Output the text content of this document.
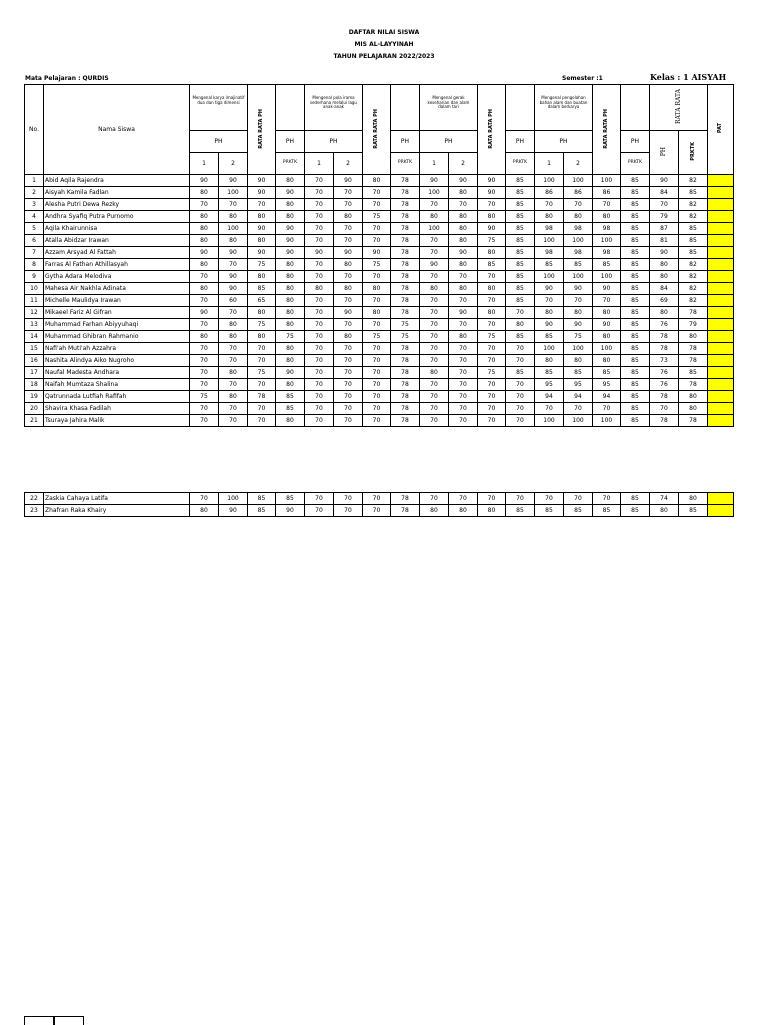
DAFTAR NILAI SISWA
MIS AL-LAYYINAH
TAHUN PELAJARAN 2022/2023
Mata Pelajaran : QURDIS	Semester :1	Kelas : 1 AISYAH
No.	Nama Siswa	Mengenal karya imajinatif dua dan tiga dimensi		RATA RATA PH		Mengenal pola irama sederhana melalui lagu anak-anak		RATA RATA PH		Mengenal gerak keseharian dan alam dalam tari		RATA RATA PH		Mengenal pengolahan bahan alam dan buatan dalam berkarya		RATA RATA PH		RATA RATA		PAT
		PH			PH	PH			PH	PH			PH	PH			PH	PH	PRKTK	
		1	2		PRKTK	1	2		PRKTK	1	2		PRKTK	1	2		PRKTK			
1	Abid Aqila Rajendra	90	90	90	80	70	90	80	78	90	90	90	85	100	100	100	85	90	82	
2	Aisyah Kamila Fadlan	80	100	90	90	70	70	70	78	100	80	90	85	86	86	86	85	84	85	
3	Alesha Putri Dewa Rezky	70	70	70	80	70	70	70	78	70	70	70	85	70	70	70	85	70	82	
4	Andhra Syafiq Putra Purnomo	80	80	80	80	70	80	75	78	80	80	80	85	80	80	80	85	79	82	
5	Aqila Khairunnisa	80	100	90	90	70	70	70	78	100	80	90	85	98	98	98	85	87	85	
6	Atalla Abidzar Irawan	80	80	80	90	70	70	70	78	70	80	75	85	100	100	100	85	81	85	
7	Azzam Arsyad Al Fattah	90	90	90	90	90	90	90	78	70	90	80	85	98	98	98	85	90	85	
8	Farras Al Fathan Athillasyah	80	70	75	80	70	80	75	78	90	80	85	85	85	85	85	85	80	82	
9	Gytha Adara Melodiva	70	90	80	80	70	70	70	78	70	70	70	85	100	100	100	85	80	82	
10	Mahesa Air Nakhla Adinata	80	90	85	80	80	80	80	78	80	80	80	85	90	90	90	85	84	82	
11	Michelle Maulidya Irawan	70	60	65	80	70	70	70	78	70	70	70	85	70	70	70	85	69	82	
12	Mikaeel Fariz Al Gifran	90	70	80	80	70	90	80	78	70	90	80	70	80	80	80	85	80	78	
13	Muhammad Farhan Abiyyuhaqi	70	80	75	80	70	70	70	75	70	70	70	80	90	90	90	85	76	79	
14	Muhammad Ghibran Rahmanio	80	80	80	75	70	80	75	75	70	80	75	85	85	75	80	85	78	80	
15	Nafi'ah Muti'ah Azzahra	70	70	70	80	70	70	70	78	70	70	70	70	100	100	100	85	78	78	
16	Nashita Alindya Aiko Nugroho	70	70	70	80	70	70	70	78	70	70	70	70	80	80	80	85	73	78	
17	Naufal Madesta Andhara	70	80	75	90	70	70	70	78	80	70	75	85	85	85	85	85	76	85	
18	Naifah Mumtaza Shalina	70	70	70	80	70	70	70	78	70	70	70	70	95	95	95	85	76	78	
19	Qatrunnada Lutfiah Rafifah	75	80	78	85	70	70	70	78	70	70	70	70	94	94	94	85	78	80	
20	Shavira Khasa Fadilah	70	70	70	85	70	70	70	78	70	70	70	70	70	70	70	85	70	80	
21	Tsuraya Jahira Malik	70	70	70	80	70	70	70	78	70	70	70	70	100	100	100	85	78	78	
22	Zaskia Cahaya Latifa	70	100	85	85	70	70	70	78	70	70	70	70	70	70	70	85	74	80	
23	Zhafran Raka Khairy	80	90	85	90	70	70	70	78	80	80	80	85	85	85	85	85	80	85	
